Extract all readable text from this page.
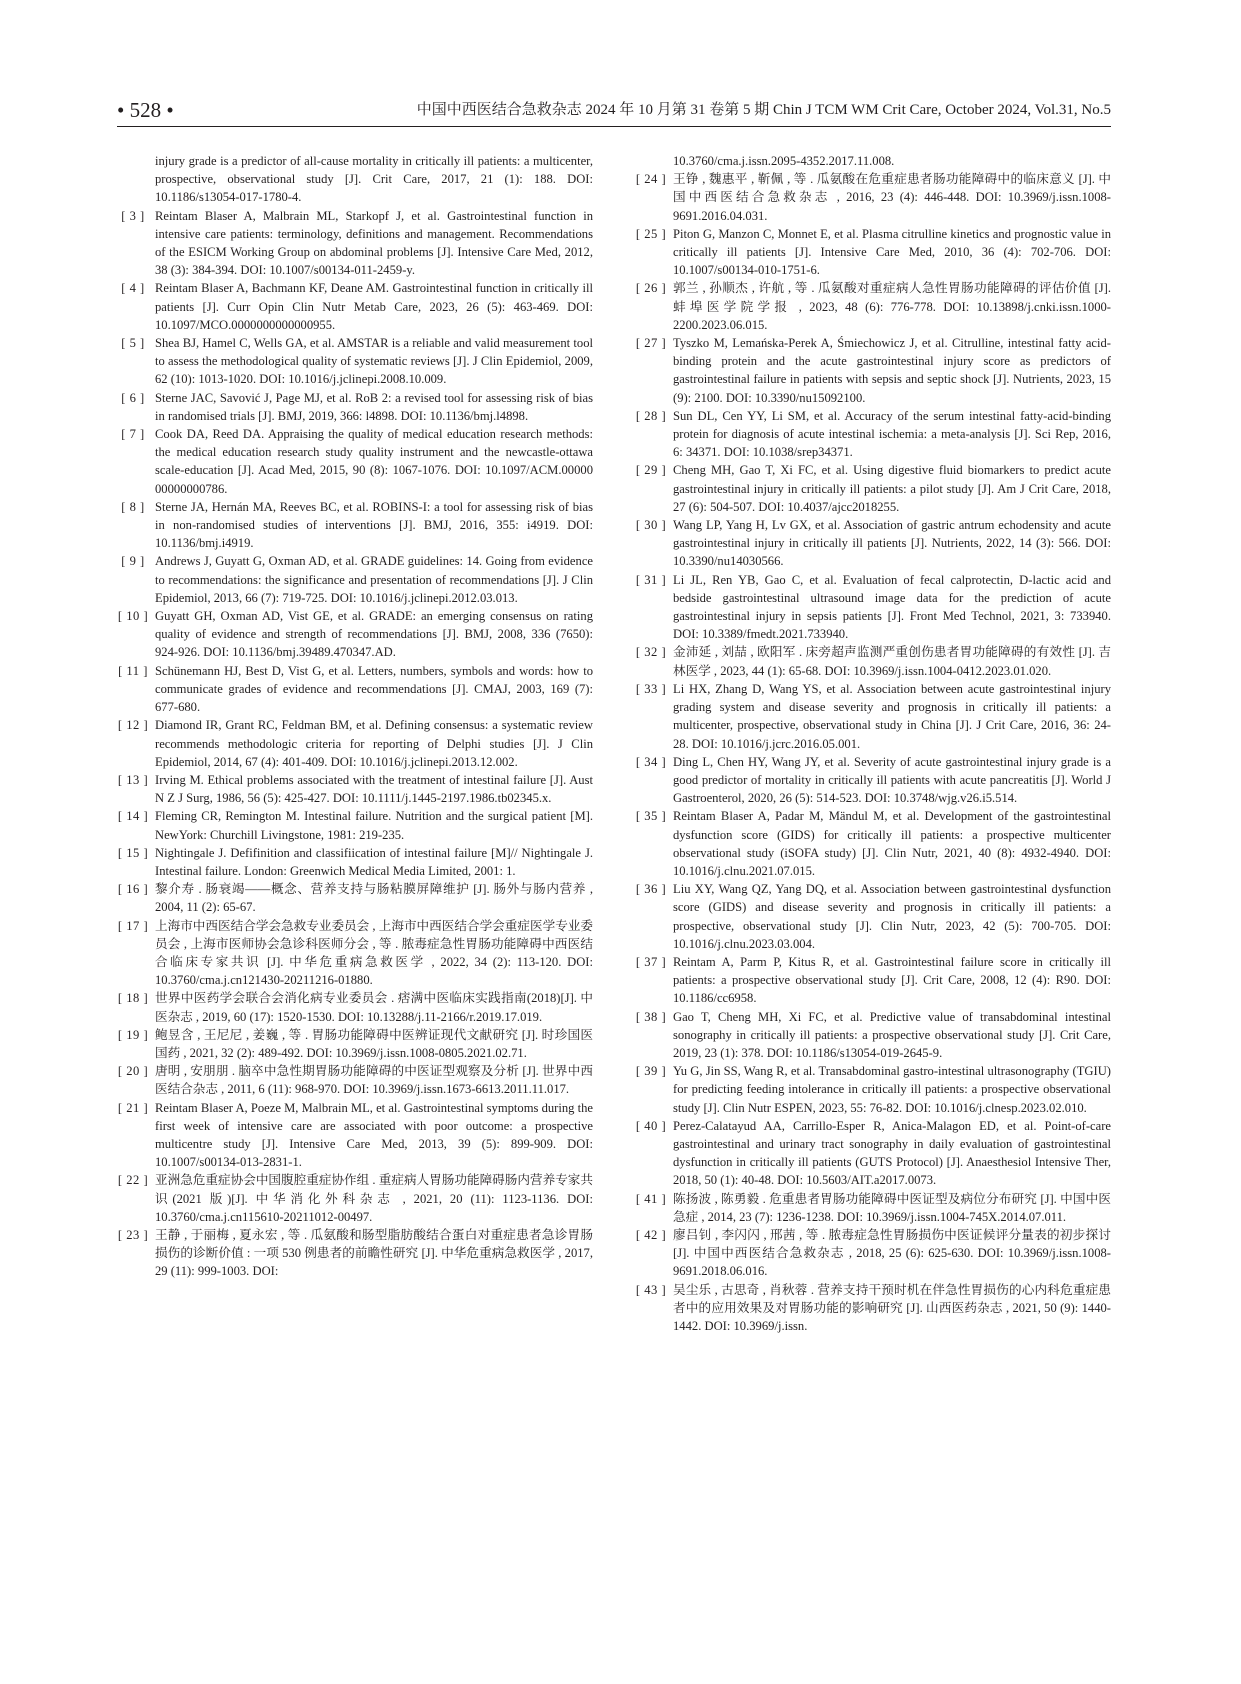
• 528 •	中国中西医结合急救杂志 2024 年 10 月第 31 卷第 5 期 Chin J TCM WM Crit Care, October 2024, Vol.31, No.5
injury grade is a predictor of all-cause mortality in critically ill patients: a multicenter, prospective, observational study [J]. Crit Care, 2017, 21 (1): 188. DOI: 10.1186/s13054-017-1780-4.
[ 3 ] Reintam Blaser A, Malbrain ML, Starkopf J, et al. Gastrointestinal function in intensive care patients: terminology, definitions and management. Recommendations of the ESICM Working Group on abdominal problems [J]. Intensive Care Med, 2012, 38 (3): 384-394. DOI: 10.1007/s00134-011-2459-y.
[ 4 ] Reintam Blaser A, Bachmann KF, Deane AM. Gastrointestinal function in critically ill patients [J]. Curr Opin Clin Nutr Metab Care, 2023, 26 (5): 463-469. DOI: 10.1097/MCO.0000000000000955.
[ 5 ] Shea BJ, Hamel C, Wells GA, et al. AMSTAR is a reliable and valid measurement tool to assess the methodological quality of systematic reviews [J]. J Clin Epidemiol, 2009, 62 (10): 1013-1020. DOI: 10.1016/j.jclinepi.2008.10.009.
[ 6 ] Sterne JAC, Savović J, Page MJ, et al. RoB 2: a revised tool for assessing risk of bias in randomised trials [J]. BMJ, 2019, 366: l4898. DOI: 10.1136/bmj.l4898.
[ 7 ] Cook DA, Reed DA. Appraising the quality of medical education research methods: the medical education research study quality instrument and the newcastle-ottawa scale-education [J]. Acad Med, 2015, 90 (8): 1067-1076. DOI: 10.1097/ACM.00000 00000000786.
[ 8 ] Sterne JA, Hernán MA, Reeves BC, et al. ROBINS-I: a tool for assessing risk of bias in non-randomised studies of interventions [J]. BMJ, 2016, 355: i4919. DOI: 10.1136/bmj.i4919.
[ 9 ] Andrews J, Guyatt G, Oxman AD, et al. GRADE guidelines: 14. Going from evidence to recommendations: the significance and presentation of recommendations [J]. J Clin Epidemiol, 2013, 66 (7): 719-725. DOI: 10.1016/j.jclinepi.2012.03.013.
[ 10 ] Guyatt GH, Oxman AD, Vist GE, et al. GRADE: an emerging consensus on rating quality of evidence and strength of recommendations [J]. BMJ, 2008, 336 (7650): 924-926. DOI: 10.1136/bmj.39489.470347.AD.
[ 11 ] Schünemann HJ, Best D, Vist G, et al. Letters, numbers, symbols and words: how to communicate grades of evidence and recommendations [J]. CMAJ, 2003, 169 (7): 677-680.
[ 12 ] Diamond IR, Grant RC, Feldman BM, et al. Defining consensus: a systematic review recommends methodologic criteria for reporting of Delphi studies [J]. J Clin Epidemiol, 2014, 67 (4): 401-409. DOI: 10.1016/j.jclinepi.2013.12.002.
[ 13 ] Irving M. Ethical problems associated with the treatment of intestinal failure [J]. Aust N Z J Surg, 1986, 56 (5): 425-427. DOI: 10.1111/j.1445-2197.1986.tb02345.x.
[ 14 ] Fleming CR, Remington M. Intestinal failure. Nutrition and the surgical patient [M]. NewYork: Churchill Livingstone, 1981: 219-235.
[ 15 ] Nightingale J. Defifinition and classifiication of intestinal failure [M]// Nightingale J. Intestinal failure. London: Greenwich Medical Media Limited, 2001: 1.
[ 16 ] 黎介寿 . 肠衰竭——概念、营养支持与肠粘膜屏障维护 [J]. 肠外与肠内营养 , 2004, 11 (2): 65-67.
[ 17 ] 上海市中西医结合学会急救专业委员会 , 上海市中西医结合学会重症医学专业委员会 , 上海市医师协会急诊科医师分会 , 等 . 脓毒症急性胃肠功能障碍中西医结合临床专家共识 [J]. 中华危重病急救医学 , 2022, 34 (2): 113-120. DOI: 10.3760/cma.j.cn121430-20211216-01880.
[ 18 ] 世界中医药学会联合会消化病专业委员会 . 痞满中医临床实践指南(2018)[J]. 中医杂志 , 2019, 60 (17): 1520-1530. DOI: 10.13288/j.11-2166/r.2019.17.019.
[ 19 ] 鲍昱含 , 王尼尼 , 姜巍 , 等 . 胃肠功能障碍中医辨证现代文献研究 [J]. 时珍国医国药 , 2021, 32 (2): 489-492. DOI: 10.3969/j.issn.1008-0805.2021.02.71.
[ 20 ] 唐明 , 安朋朋 . 脑卒中急性期胃肠功能障碍的中医证型观察及分析 [J]. 世界中西医结合杂志 , 2011, 6 (11): 968-970. DOI: 10.3969/j.issn.1673-6613.2011.11.017.
[ 21 ] Reintam Blaser A, Poeze M, Malbrain ML, et al. Gastrointestinal symptoms during the first week of intensive care are associated with poor outcome: a prospective multicentre study [J]. Intensive Care Med, 2013, 39 (5): 899-909. DOI: 10.1007/s00134-013-2831-1.
[ 22 ] 亚洲急危重症协会中国腹腔重症协作组 . 重症病人胃肠功能障碍肠内营养专家共识(2021 版)[J]. 中华消化外科杂志 , 2021, 20 (11): 1123-1136. DOI: 10.3760/cma.j.cn115610-20211012-00497.
[ 23 ] 王静 , 于丽梅 , 夏永宏 , 等 . 瓜氨酸和肠型脂肪酸结合蛋白对重症患者急诊胃肠损伤的诊断价值 : 一项 530 例患者的前瞻性研究 [J]. 中华危重病急救医学 , 2017, 29 (11): 999-1003. DOI:
10.3760/cma.j.issn.2095-4352.2017.11.008.
[ 24 ] 王铮 , 魏惠平 , 靳佩 , 等 . 瓜氨酸在危重症患者肠功能障碍中的临床意义 [J]. 中国中西医结合急救杂志 , 2016, 23 (4): 446-448. DOI: 10.3969/j.issn.1008-9691.2016.04.031.
[ 25 ] Piton G, Manzon C, Monnet E, et al. Plasma citrulline kinetics and prognostic value in critically ill patients [J]. Intensive Care Med, 2010, 36 (4): 702-706. DOI: 10.1007/s00134-010-1751-6.
[ 26 ] 郭兰 , 孙顺杰 , 许航 , 等 . 瓜氨酸对重症病人急性胃肠功能障碍的评估价值 [J]. 蚌埠医学院学报 , 2023, 48 (6): 776-778. DOI: 10.13898/j.cnki.issn.1000-2200.2023.06.015.
[ 27 ] Tyszko M, Lemańska-Perek A, Śmiechowicz J, et al. Citrulline, intestinal fatty acid-binding protein and the acute gastrointestinal injury score as predictors of gastrointestinal failure in patients with sepsis and septic shock [J]. Nutrients, 2023, 15 (9): 2100. DOI: 10.3390/nu15092100.
[ 28 ] Sun DL, Cen YY, Li SM, et al. Accuracy of the serum intestinal fatty-acid-binding protein for diagnosis of acute intestinal ischemia: a meta-analysis [J]. Sci Rep, 2016, 6: 34371. DOI: 10.1038/srep34371.
[ 29 ] Cheng MH, Gao T, Xi FC, et al. Using digestive fluid biomarkers to predict acute gastrointestinal injury in critically ill patients: a pilot study [J]. Am J Crit Care, 2018, 27 (6): 504-507. DOI: 10.4037/ajcc2018255.
[ 30 ] Wang LP, Yang H, Lv GX, et al. Association of gastric antrum echodensity and acute gastrointestinal injury in critically ill patients [J]. Nutrients, 2022, 14 (3): 566. DOI: 10.3390/nu14030566.
[ 31 ] Li JL, Ren YB, Gao C, et al. Evaluation of fecal calprotectin, D-lactic acid and bedside gastrointestinal ultrasound image data for the prediction of acute gastrointestinal injury in sepsis patients [J]. Front Med Technol, 2021, 3: 733940. DOI: 10.3389/fmedt.2021.733940.
[ 32 ] 金沛延 , 刘喆 , 欧阳军 . 床旁超声监测严重创伤患者胃功能障碍的有效性 [J]. 吉林医学 , 2023, 44 (1): 65-68. DOI: 10.3969/j.issn.1004-0412.2023.01.020.
[ 33 ] Li HX, Zhang D, Wang YS, et al. Association between acute gastrointestinal injury grading system and disease severity and prognosis in critically ill patients: a multicenter, prospective, observational study in China [J]. J Crit Care, 2016, 36: 24-28. DOI: 10.1016/j.jcrc.2016.05.001.
[ 34 ] Ding L, Chen HY, Wang JY, et al. Severity of acute gastrointestinal injury grade is a good predictor of mortality in critically ill patients with acute pancreatitis [J]. World J Gastroenterol, 2020, 26 (5): 514-523. DOI: 10.3748/wjg.v26.i5.514.
[ 35 ] Reintam Blaser A, Padar M, Mändul M, et al. Development of the gastrointestinal dysfunction score (GIDS) for critically ill patients: a prospective multicenter observational study (iSOFA study) [J]. Clin Nutr, 2021, 40 (8): 4932-4940. DOI: 10.1016/j.clnu.2021.07.015.
[ 36 ] Liu XY, Wang QZ, Yang DQ, et al. Association between gastrointestinal dysfunction score (GIDS) and disease severity and prognosis in critically ill patients: a prospective, observational study [J]. Clin Nutr, 2023, 42 (5): 700-705. DOI: 10.1016/j.clnu.2023.03.004.
[ 37 ] Reintam A, Parm P, Kitus R, et al. Gastrointestinal failure score in critically ill patients: a prospective observational study [J]. Crit Care, 2008, 12 (4): R90. DOI: 10.1186/cc6958.
[ 38 ] Gao T, Cheng MH, Xi FC, et al. Predictive value of transabdominal intestinal sonography in critically ill patients: a prospective observational study [J]. Crit Care, 2019, 23 (1): 378. DOI: 10.1186/s13054-019-2645-9.
[ 39 ] Yu G, Jin SS, Wang R, et al. Transabdominal gastro-intestinal ultrasonography (TGIU) for predicting feeding intolerance in critically ill patients: a prospective observational study [J]. Clin Nutr ESPEN, 2023, 55: 76-82. DOI: 10.1016/j.clnesp.2023.02.010.
[ 40 ] Perez-Calatayud AA, Carrillo-Esper R, Anica-Malagon ED, et al. Point-of-care gastrointestinal and urinary tract sonography in daily evaluation of gastrointestinal dysfunction in critically ill patients (GUTS Protocol) [J]. Anaesthesiol Intensive Ther, 2018, 50 (1): 40-48. DOI: 10.5603/AIT.a2017.0073.
[ 41 ] 陈扬波 , 陈勇毅 . 危重患者胃肠功能障碍中医证型及病位分布研究 [J]. 中国中医急症 , 2014, 23 (7): 1236-1238. DOI: 10.3969/j.issn.1004-745X.2014.07.011.
[ 42 ] 廖吕钊 , 李闪闪 , 邢茜 , 等 . 脓毒症急性胃肠损伤中医证候评分量表的初步探讨 [J]. 中国中西医结合急救杂志 , 2018, 25 (6): 625-630. DOI: 10.3969/j.issn.1008-9691.2018.06.016.
[ 43 ] 吴尘乐 , 古思奇 , 肖秋蓉 . 营养支持干预时机在伴急性胃损伤的心内科危重症患者中的应用效果及对胃肠功能的影响研究 [J]. 山西医药杂志 , 2021, 50 (9): 1440-1442. DOI: 10.3969/j.issn.
